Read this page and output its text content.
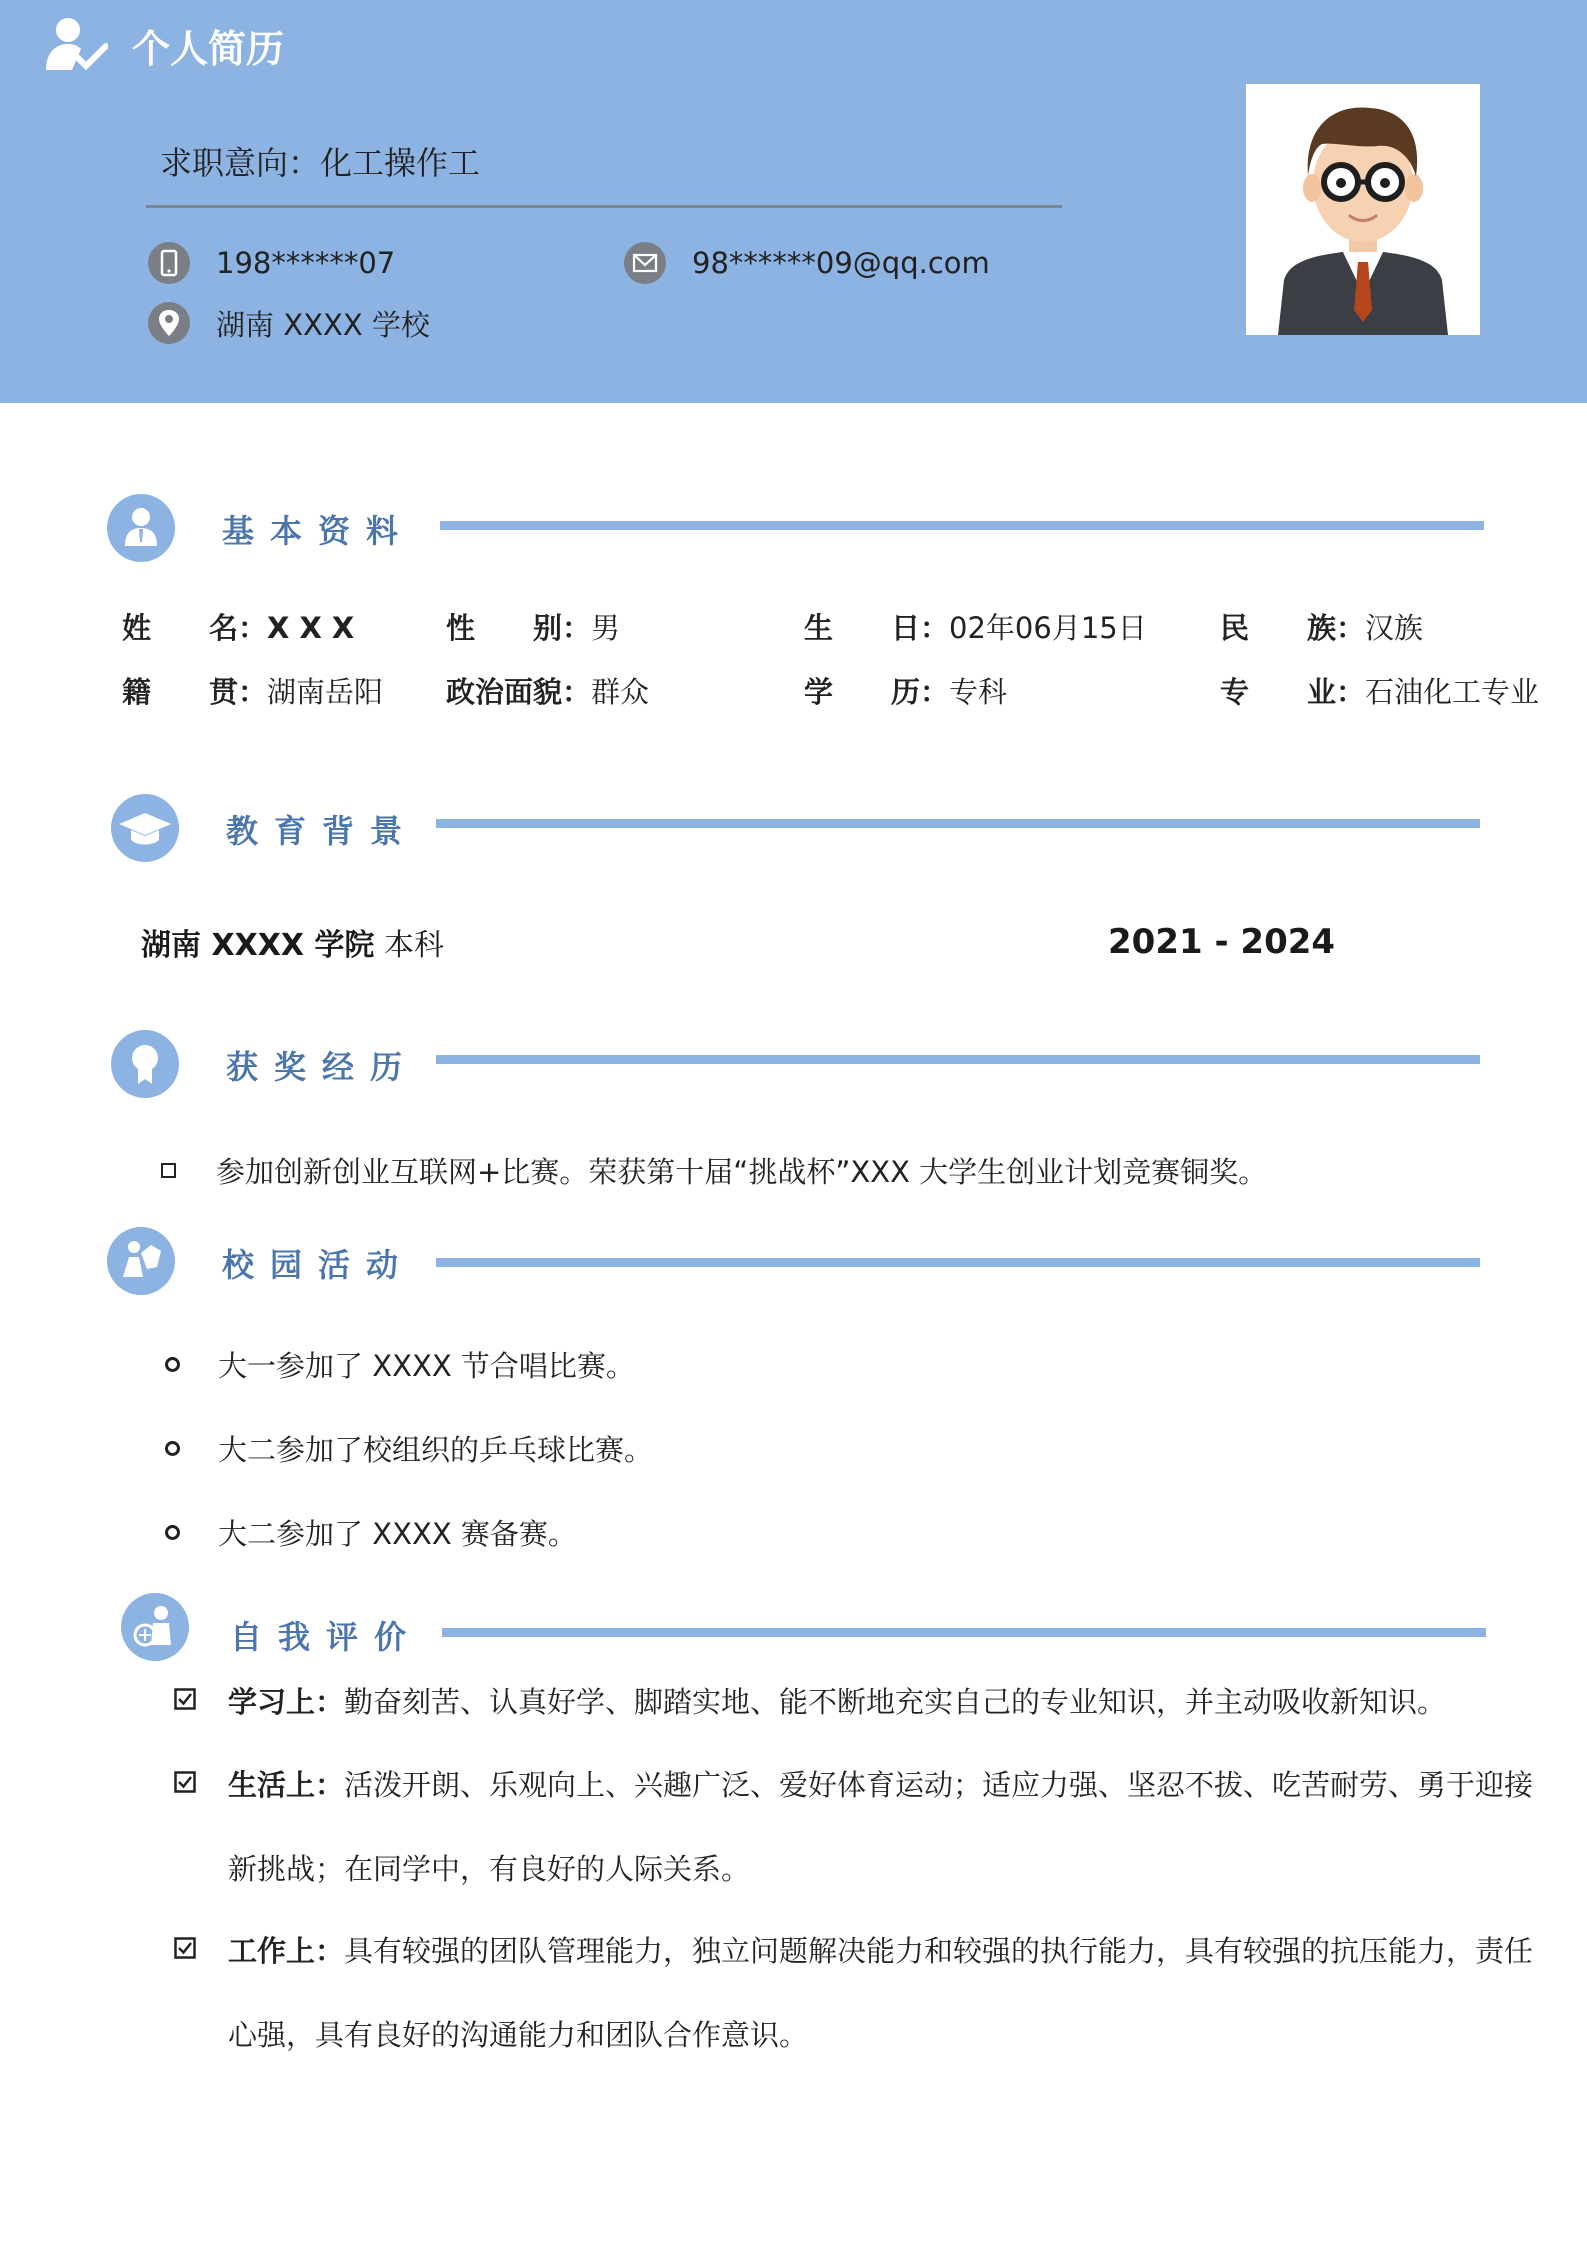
个人简历
求职意向：化工操作工
198******07	98******09@qq.com
湖南 XXXX 学校
基本资料
姓　　名：X X X	性　　别：男	生　　日：02年06月15日	民　　族：汉族
籍　　贯：湖南岳阳 政治面貌：群众	学　　历：专科	专　　业：石油化工专业
教育背景
湖南 XXXX 学院 本科	2021 - 2024
获奖经历
参加创新创业互联网+比赛。荣获第十届“挑战杯”XXX 大学生创业计划竞赛铜奖。
校园活动
大一参加了 XXXX 节合唱比赛。
大二参加了校组织的乒乓球比赛。
大二参加了 XXXX 赛备赛。
自我评价
学习上：勤奋刻苦、认真好学、脚踏实地、能不断地充实自己的专业知识，并主动吸收新知识。
生活上：活泼开朗、乐观向上、兴趣广泛、爱好体育运动；适应力强、坚忍不拔、吃苦耐劳、勇于迎接
新挑战；在同学中，有良好的人际关系。
工作上：具有较强的团队管理能力，独立问题解决能力和较强的执行能力，具有较强的抗压能力，责任
心强，具有良好的沟通能力和团队合作意识。
